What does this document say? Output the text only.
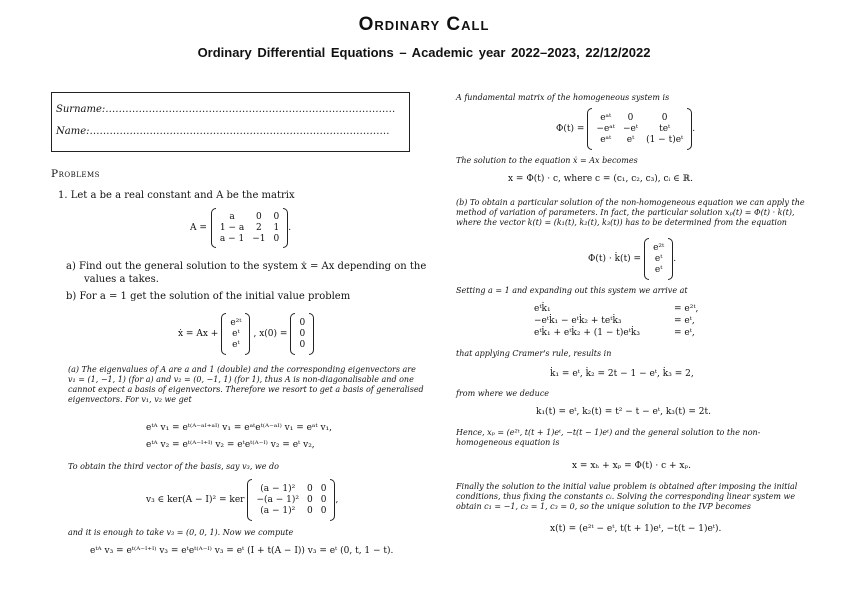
Ordinary Call
Ordinary Differential Equations – Academic year 2022–2023, 22/12/2022
Surname:……………………………………………………………………………
Name:………………………………………………………………………………
Problems
1. Let a be a real constant and A be the matrix
A =
a	0	0
1 − a	2	1
a − 1	−1	0
.
a) Find out the general solution to the system ẋ = Ax depending on the
values a takes.
b) For a = 1 get the solution of the initial value problem
ẋ = Ax +
e²ᵗ
eᵗ
eᵗ
, x(0) =
0
0
0
(a) The eigenvalues of A are a and 1 (double) and the corresponding eigenvectors are
v₁ = (1, −1, 1) (for a) and v₂ = (0, −1, 1) (for 1), thus A is non-diagonalisable and one
cannot expect a basis of eigenvectors. Therefore we resort to get a basis of generalised
eigenvectors. For v₁, v₂ we get
eᵗᴬ v₁ = eᵗ⁽ᴬ⁻ᵃᴵ⁺ᵃᴵ⁾ v₁ = eᵃᵗeᵗ⁽ᴬ⁻ᵃᴵ⁾ v₁ = eᵃᵗ v₁,
eᵗᴬ v₂ = eᵗ⁽ᴬ⁻ᴵ⁺ᴵ⁾ v₂ = eᵗeᵗ⁽ᴬ⁻ᴵ⁾ v₂ = eᵗ v₂,
To obtain the third vector of the basis, say v₃, we do
v₃ ∈ ker(A − I)² = ker
(a − 1)²	0	0
−(a − 1)²	0	0
(a − 1)²	0	0
,
and it is enough to take v₃ = (0, 0, 1). Now we compute
eᵗᴬ v₃ = eᵗ⁽ᴬ⁻ᴵ⁺ᴵ⁾ v₃ = eᵗeᵗ⁽ᴬ⁻ᴵ⁾ v₃ = eᵗ (I + t(A − I)) v₃ = eᵗ (0, t, 1 − t).
A fundamental matrix of the homogeneous system is
Φ(t) =
eᵃᵗ	0	0
−eᵃᵗ	−eᵗ	teᵗ
eᵃᵗ	eᵗ	(1 − t)eᵗ
.
The solution to the equation ẋ = Ax becomes
x = Φ(t) · c, where c = (c₁, c₂, c₃), cᵢ ∈ ℝ.
(b) To obtain a particular solution of the non-homogeneous equation we can apply the
method of variation of parameters. In fact, the particular solution xₚ(t) = Φ(t) · k(t),
where the vector k(t) = (k₁(t), k₂(t), k₃(t)) has to be determined from the equation
Φ(t) · k̇(t) =
e²ᵗ
eᵗ
eᵗ
.
Setting a = 1 and expanding out this system we arrive at
eᵗk̇₁	= e²ᵗ,
−eᵗk̇₁ − eᵗk̇₂ + teᵗk̇₃	= eᵗ,
eᵗk̇₁ + eᵗk̇₂ + (1 − t)eᵗk̇₃	= eᵗ,
that applying Cramer's rule, results in
k̇₁ = eᵗ, k̇₂ = 2t − 1 − eᵗ, k̇₃ = 2,
from where we deduce
k₁(t) = eᵗ, k₂(t) = t² − t − eᵗ, k₃(t) = 2t.
Hence, xₚ = (e²ᵗ, t(t + 1)eᵗ, −t(t − 1)eᵗ) and the general solution to the non-
homogeneous equation is
x = xₕ + xₚ = Φ(t) · c + xₚ.
Finally the solution to the initial value problem is obtained after imposing the initial
conditions, thus fixing the constants cᵢ. Solving the corresponding linear system we
obtain c₁ = −1, c₂ = 1, c₃ = 0, so the unique solution to the IVP becomes
x(t) = (e²ᵗ − eᵗ, t(t + 1)eᵗ, −t(t − 1)eᵗ).
